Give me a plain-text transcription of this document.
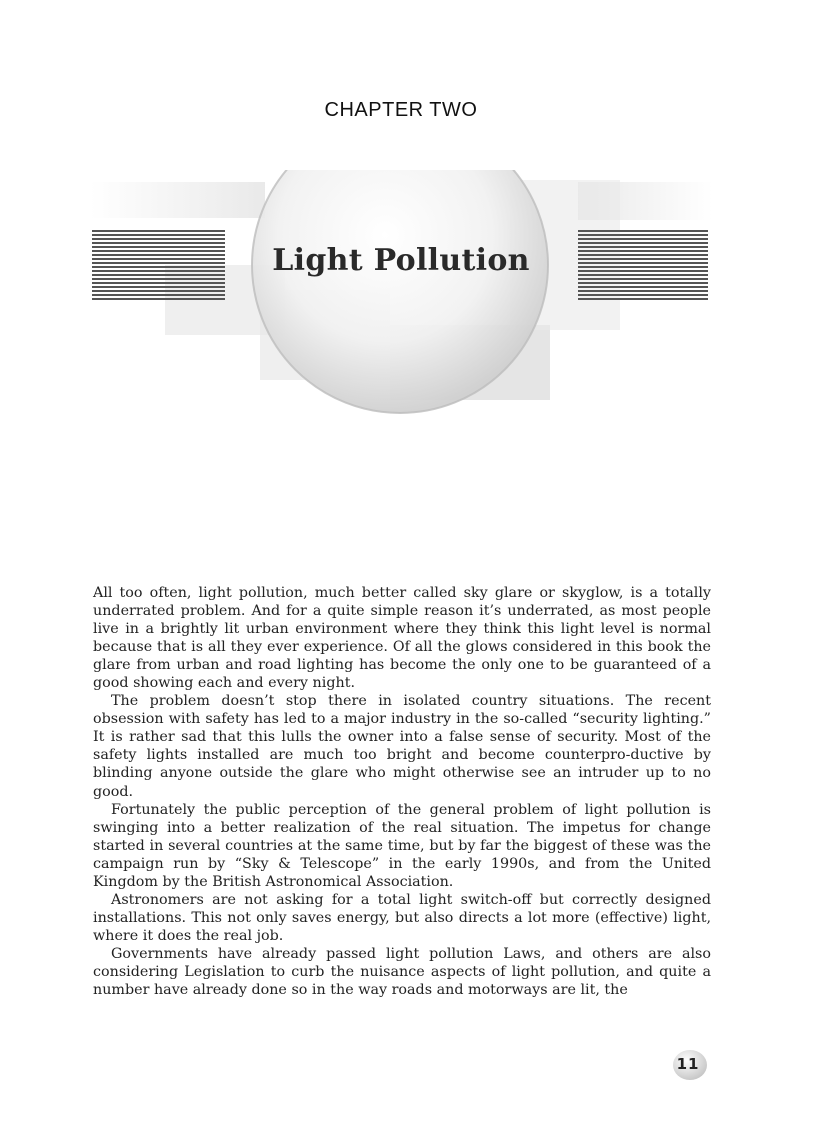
CHAPTER TWO
Light Pollution

All too often, light pollution, much better called sky glare or skyglow, is a totally underrated problem. And for a quite simple reason it’s underrated, as most people live in a brightly lit urban environment where they think this light level is normal because that is all they ever experience. Of all the glows considered in this book the glare from urban and road lighting has become the only one to be guaranteed of a good showing each and every night.

The problem doesn’t stop there in isolated country situations. The recent obsession with safety has led to a major industry in the so-called “security lighting.” It is rather sad that this lulls the owner into a false sense of security. Most of the safety lights installed are much too bright and become counterpro-ductive by blinding anyone outside the glare who might otherwise see an intruder up to no good.

Fortunately the public perception of the general problem of light pollution is swinging into a better realization of the real situation. The impetus for change started in several countries at the same time, but by far the biggest of these was the campaign run by “Sky & Telescope” in the early 1990s, and from the United Kingdom by the British Astronomical Association.

Astronomers are not asking for a total light switch-off but correctly designed installations. This not only saves energy, but also directs a lot more (effective) light, where it does the real job.

Governments have already passed light pollution Laws, and others are also considering Legislation to curb the nuisance aspects of light pollution, and quite a number have already done so in the way roads and motorways are lit, the

11
